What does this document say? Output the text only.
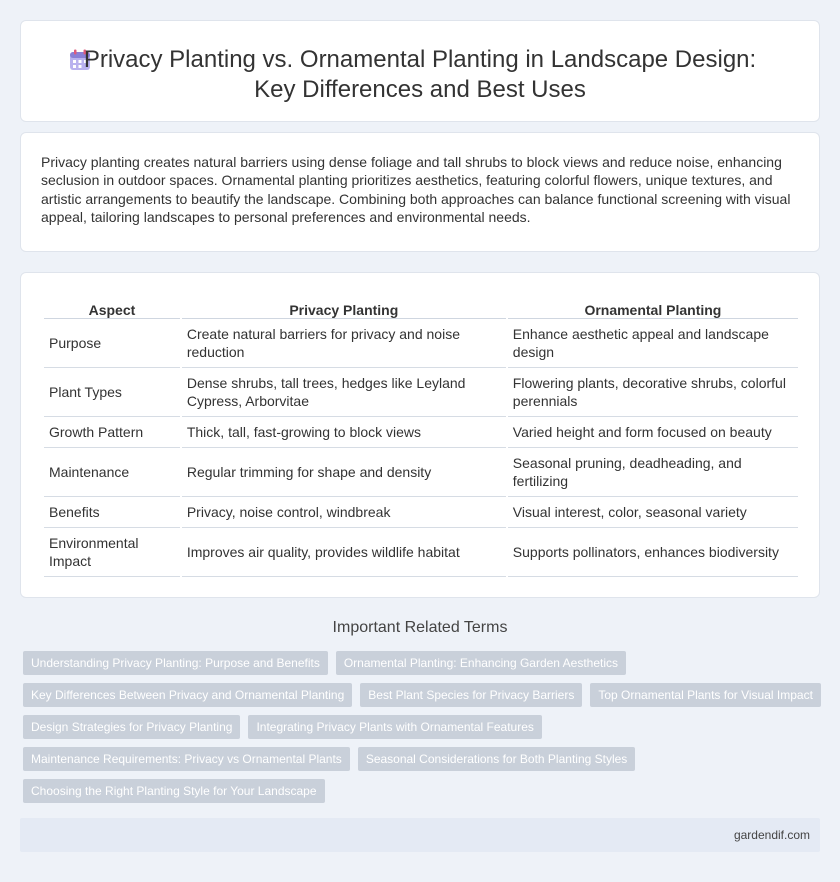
Privacy Planting vs. Ornamental Planting in Landscape Design: Key Differences and Best Uses

Privacy planting creates natural barriers using dense foliage and tall shrubs to block views and reduce noise, enhancing seclusion in outdoor spaces. Ornamental planting prioritizes aesthetics, featuring colorful flowers, unique textures, and artistic arrangements to beautify the landscape. Combining both approaches can balance functional screening with visual appeal, tailoring landscapes to personal preferences and environmental needs.

Aspect	Privacy Planting	Ornamental Planting
Purpose	Create natural barriers for privacy and noise reduction	Enhance aesthetic appeal and landscape design
Plant Types	Dense shrubs, tall trees, hedges like Leyland Cypress, Arborvitae	Flowering plants, decorative shrubs, colorful perennials
Growth Pattern	Thick, tall, fast-growing to block views	Varied height and form focused on beauty
Maintenance	Regular trimming for shape and density	Seasonal pruning, deadheading, and fertilizing
Benefits	Privacy, noise control, windbreak	Visual interest, color, seasonal variety
Environmental Impact	Improves air quality, provides wildlife habitat	Supports pollinators, enhances biodiversity
Important Related Terms
Understanding Privacy Planting: Purpose and Benefits	Ornamental Planting: Enhancing Garden Aesthetics
Key Differences Between Privacy and Ornamental Planting	Best Plant Species for Privacy Barriers	Top Ornamental Plants for Visual Impact
Design Strategies for Privacy Planting	Integrating Privacy Plants with Ornamental Features
Maintenance Requirements: Privacy vs Ornamental Plants	Seasonal Considerations for Both Planting Styles
Choosing the Right Planting Style for Your Landscape
gardendif.com
